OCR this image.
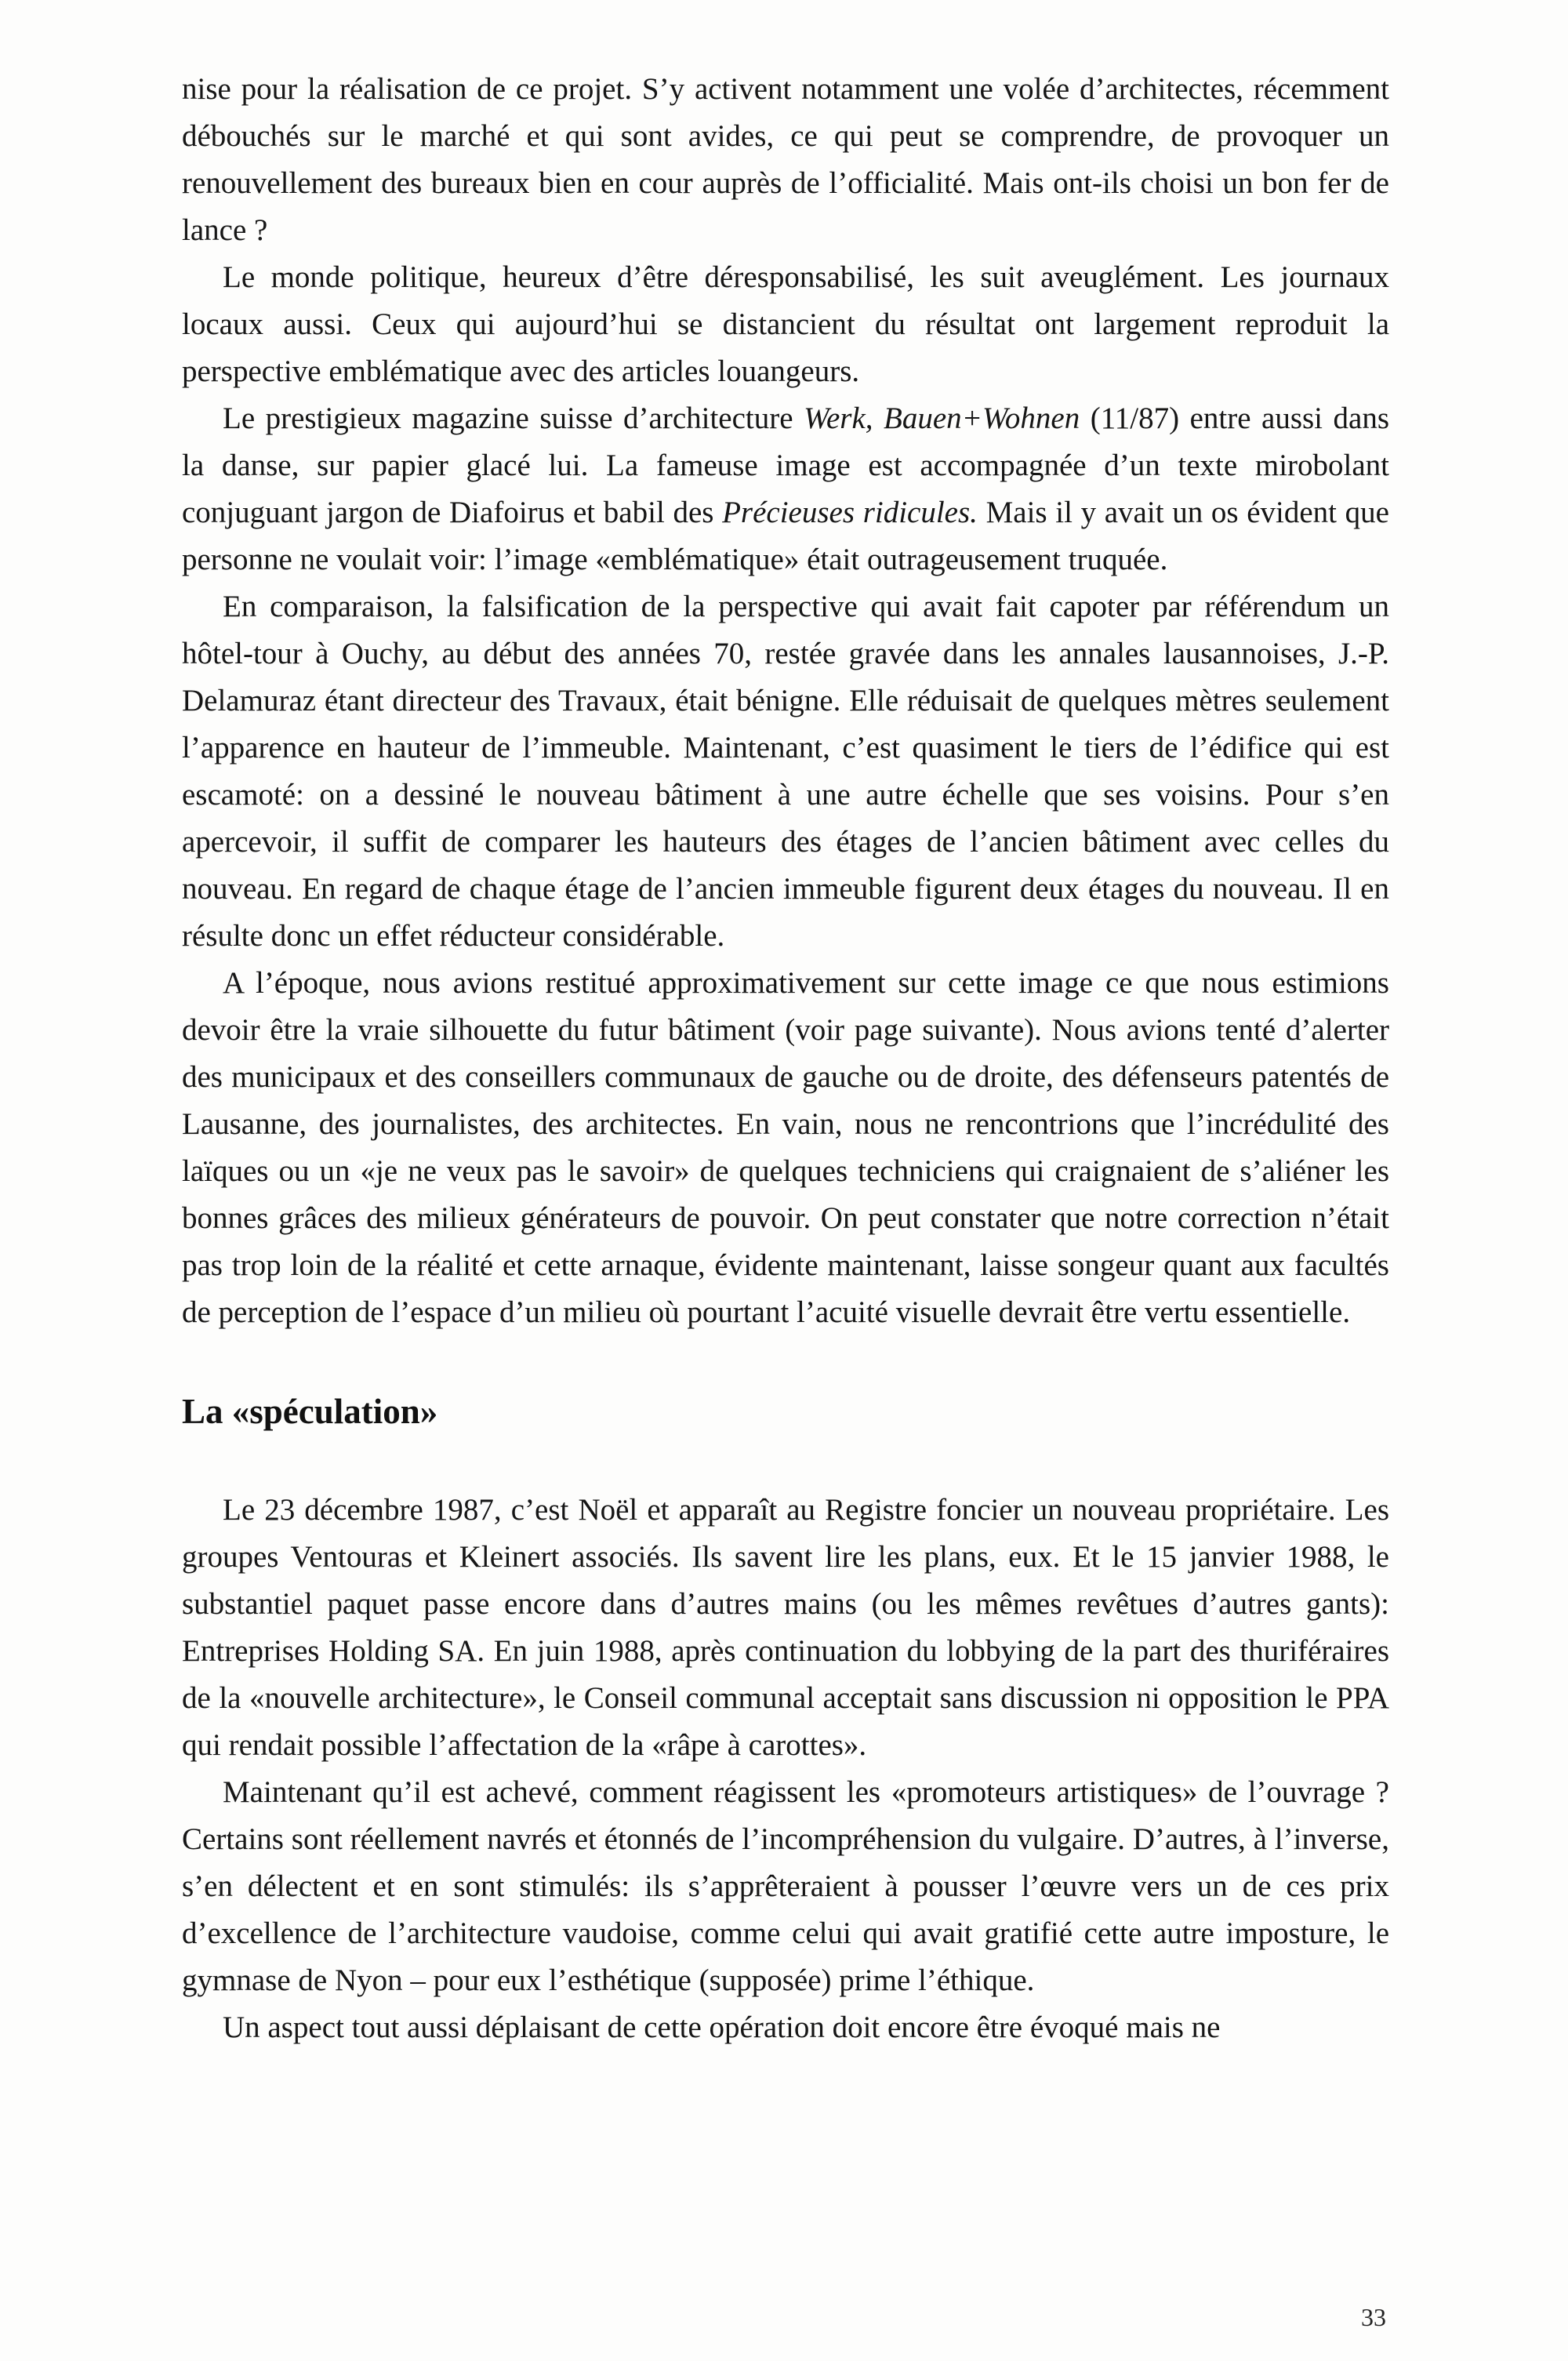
nise pour la réalisation de ce projet. S’y activent notamment une volée d’architectes, récemment débouchés sur le marché et qui sont avides, ce qui peut se comprendre, de provoquer un renouvellement des bureaux bien en cour auprès de l’officialité. Mais ont-ils choisi un bon fer de lance ?

Le monde politique, heureux d’être déresponsabilisé, les suit aveuglément. Les journaux locaux aussi. Ceux qui aujourd’hui se distancient du résultat ont largement reproduit la perspective emblématique avec des articles louangeurs.

Le prestigieux magazine suisse d’architecture Werk, Bauen+Wohnen (11/87) entre aussi dans la danse, sur papier glacé lui. La fameuse image est accompagnée d’un texte mirobolant conjuguant jargon de Diafoirus et babil des Précieuses ridicules. Mais il y avait un os évident que personne ne voulait voir: l’image «emblématique» était outrageusement truquée.

En comparaison, la falsification de la perspective qui avait fait capoter par référendum un hôtel-tour à Ouchy, au début des années 70, restée gravée dans les annales lausannoises, J.-P. Delamuraz étant directeur des Travaux, était bénigne. Elle réduisait de quelques mètres seulement l’apparence en hauteur de l’immeuble. Maintenant, c’est quasiment le tiers de l’édifice qui est escamoté: on a dessiné le nouveau bâtiment à une autre échelle que ses voisins. Pour s’en apercevoir, il suffit de comparer les hauteurs des étages de l’ancien bâtiment avec celles du nouveau. En regard de chaque étage de l’ancien immeuble figurent deux étages du nouveau. Il en résulte donc un effet réducteur considérable.

A l’époque, nous avions restitué approximativement sur cette image ce que nous estimions devoir être la vraie silhouette du futur bâtiment (voir page suivante). Nous avions tenté d’alerter des municipaux et des conseillers communaux de gauche ou de droite, des défenseurs patentés de Lausanne, des journalistes, des architectes. En vain, nous ne rencontrions que l’incrédulité des laïques ou un «je ne veux pas le savoir» de quelques techniciens qui craignaient de s’aliéner les bonnes grâces des milieux générateurs de pouvoir. On peut constater que notre correction n’était pas trop loin de la réalité et cette arnaque, évidente maintenant, laisse songeur quant aux facultés de perception de l’espace d’un milieu où pourtant l’acuité visuelle devrait être vertu essentielle.

La «spéculation»

Le 23 décembre 1987, c’est Noël et apparaît au Registre foncier un nouveau propriétaire. Les groupes Ventouras et Kleinert associés. Ils savent lire les plans, eux. Et le 15 janvier 1988, le substantiel paquet passe encore dans d’autres mains (ou les mêmes revêtues d’autres gants): Entreprises Holding SA. En juin 1988, après continuation du lobbying de la part des thuriféraires de la «nouvelle architecture», le Conseil communal acceptait sans discussion ni opposition le PPA qui rendait possible l’affectation de la «râpe à carottes».

Maintenant qu’il est achevé, comment réagissent les «promoteurs artistiques» de l’ouvrage ? Certains sont réellement navrés et étonnés de l’incompréhension du vulgaire. D’autres, à l’inverse, s’en délectent et en sont stimulés: ils s’apprêteraient à pousser l’œuvre vers un de ces prix d’excellence de l’architecture vaudoise, comme celui qui avait gratifié cette autre imposture, le gymnase de Nyon – pour eux l’esthétique (supposée) prime l’éthique.

Un aspect tout aussi déplaisant de cette opération doit encore être évoqué mais ne

33
